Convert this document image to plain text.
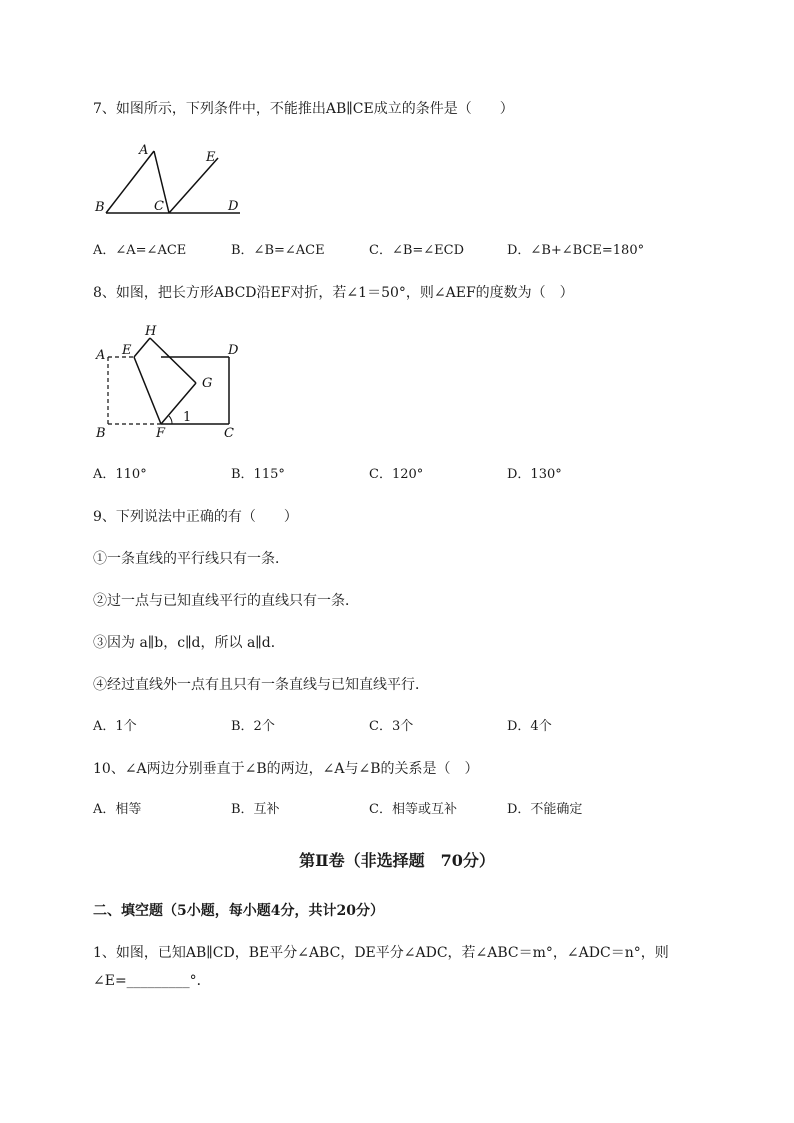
7、如图所示，下列条件中，不能推出AB∥CE成立的条件是（　　）
A
B	C	D
E
A．∠A=∠ACE	B．∠B=∠ACE	C．∠B=∠ECD	D．∠B+∠BCE=180°
8、如图，把长方形ABCD沿EF对折，若∠1＝50°，则∠AEF的度数为（　）
A E
H
D
G
1
B	F	C
A．110°	B．115°	C．120°	D．130°
9、下列说法中正确的有（　　）
①一条直线的平行线只有一条．
②过一点与已知直线平行的直线只有一条．
③因为 a∥b，c∥d，所以 a∥d．
④经过直线外一点有且只有一条直线与已知直线平行．
A．1个	B．2个	C．3个	D．4个
10、∠A两边分别垂直于∠B的两边，∠A与∠B的关系是（　）
A．相等	B．互补	C．相等或互补	D．不能确定
第Ⅱ卷（非选择题　70分）
二、填空题（5小题，每小题4分，共计20分）
1、如图，已知AB∥CD，BE平分∠ABC，DE平分∠ADC，若∠ABC＝m°，∠ADC＝n°，则
∠E=_________°．
